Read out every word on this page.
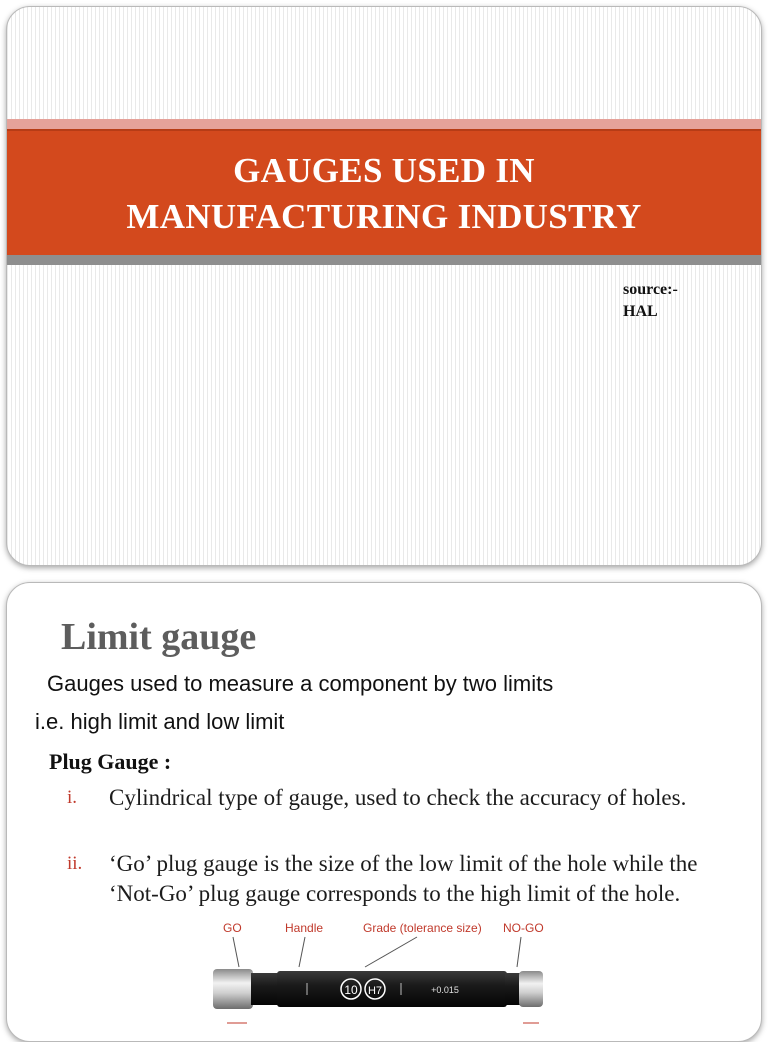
GAUGES USED IN

MANUFACTURING INDUSTRY

source:-
HAL
Limit gauge

Gauges used to measure a component by two limits

i.e. high limit and low limit

Plug Gauge :
i. Cylindrical type of gauge, used to check the accuracy of holes.
ii. ‘Go’ plug gauge is the size of the low limit of the hole while the ‘Not-Go’ plug gauge corresponds to the high limit of the hole.
GO	Handle	Grade (tolerance size) NO-GO
10 H7	+0.015
